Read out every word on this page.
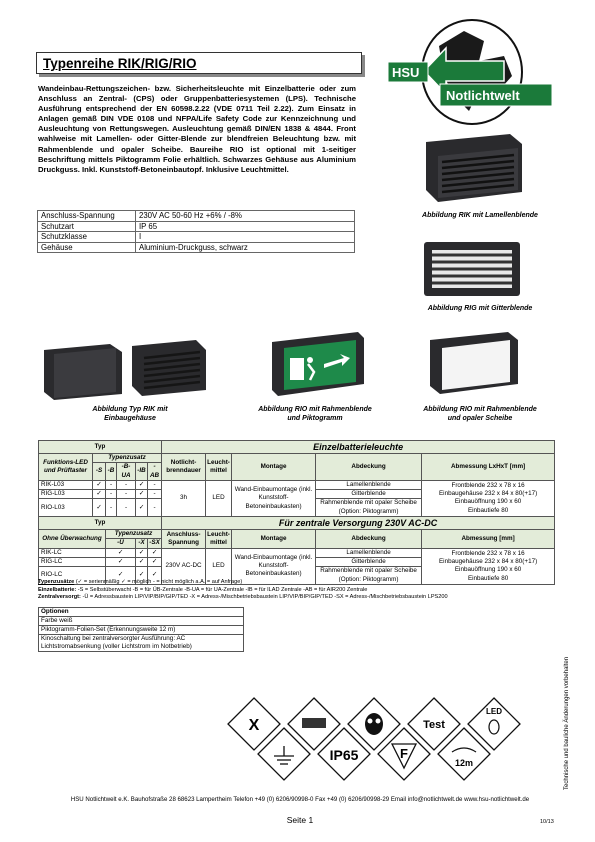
Typenreihe RIK/RIG/RIO
HSU
Notlichtwelt
Wandeinbau-Rettungszeichen- bzw. Sicherheitsleuchte mit Einzelbatterie oder zum Anschluss an Zentral- (CPS) oder Gruppenbatteriesystemen (LPS). Technische Ausführung entsprechend der EN 60598.2.22 (VDE 0711 Teil 2.22). Zum Einsatz in Anlagen gemäß DIN VDE 0108 und NFPA/Life Safety Code zur Kennzeichnung und Ausleuchtung von Rettungswegen. Ausleuchtung gemäß DIN/EN 1838 & 4844. Front wahlweise mit Lamellen- oder Gitter-Blende zur blendfreien Beleuchtung bzw. mit Rahmenblende und opaler Scheibe. Baureihe RIO ist optional mit 1-seitiger Beschriftung mittels Piktogramm Folie erhältlich. Schwarzes Gehäuse aus Aluminium Druckguss. Inkl. Kunststoff-Betoneinbautopf. Inklusive Leuchtmittel.
Anschluss-Spannung	230V AC 50-60 Hz +6% / -8%
Schutzart	IP 65
Schutzklasse	I
Gehäuse	Aluminium-Druckguss, schwarz
Abbildung RIK mit Lamellenblende
Abbildung RIG mit Gitterblende
Abbildung Typ RIK mit
Einbaugehäuse
Abbildung RIO mit Rahmenblende
und Piktogramm
Abbildung RIO mit Rahmenblende
und opaler Scheibe
Typ						Einzelbatterieleuchte				
Funktions-LED und Prüftaster	Typenzusatz					Notlicht-brenndauer	Leucht-mittel	Montage	Abdeckung	Abmessung LxHxT [mm]
	-S	-B	-B-UA	-IB	-AB					
RIK-L03	✓	-	-	✓	-	3h	LED	Wand-Einbaumontage (inkl. Kunststoff-Betoneinbaukasten)	Lamellenblende	Frontblende 232 x 78 x 16
Einbaugehäuse 232 x 84 x 80(+17)
Einbauöffnung 190 x 60
Einbautiefe 80

RIG-L03	✓	-	-	✓	-				Gitterblende	
RIO-L03	✓	-	-	✓	-				Rahmenblende mit opaler Scheibe (Option: Piktogramm)	
Typ						Für zentrale Versorgung 230V AC-DC				
Ohne Überwachung		Typenzusatz				Anschluss-Spannung	Leucht-mittel	Montage	Abdeckung	Abmessung [mm]
		-Ü		-X	-SX					
RIK-LC		✓		✓	✓	230V AC-DC	LED	Wand-Einbaumontage (inkl. Kunststoff-Betoneinbaukasten)	Lamellenblende	Frontblende 232 x 78 x 16
Einbaugehäuse 232 x 84 x 80(+17)
Einbauöffnung 190 x 60
Einbautiefe 80

RIG-LC		✓		✓	✓				Gitterblende	
RIO-LC		✓		✓	✓				Rahmenblende mit opaler Scheibe (Option: Piktogramm)	
Typenzusätze (✓ = serienmäßig ✓ = möglich - = nicht möglich a.A. = auf Anfrage)
Einzelbatterie: -S = Selbstüberwacht -B = für ÜB-Zentrale -B-UA = für UA-Zentrale -IB = für ILAD Zentrale -AB = für AIR200 Zentrale
Zentralversorgt: -Ü = Adressbaustein LIP/VIP/BIP/GIP/TED -X = Adress-/Mischbetriebsbaustein LIP/VIP/BIP/GIP/TED -SX = Adress-/Mischbetriebsbaustein LPS200
Optionen
Farbe weiß
Piktogramm-Folien-Set (Erkennungsweite 12 m)
Kinoschaltung bei zentralversorgter Ausführung: AC Lichtstromabsenkung (voller Lichtstrom im Notbetrieb)
X	Test
LED
IP65	F
12m	Technische und bauliche Änderungen vorbehalten
HSU Notlichtwelt e.K. Bauhofstraße 28 68623 Lampertheim Telefon +49 (0) 6206/90998-0 Fax +49 (0) 6206/90998-29 Email info@notlichtwelt.de www.hsu-notlichtwelt.de
Seite 1	10/13
